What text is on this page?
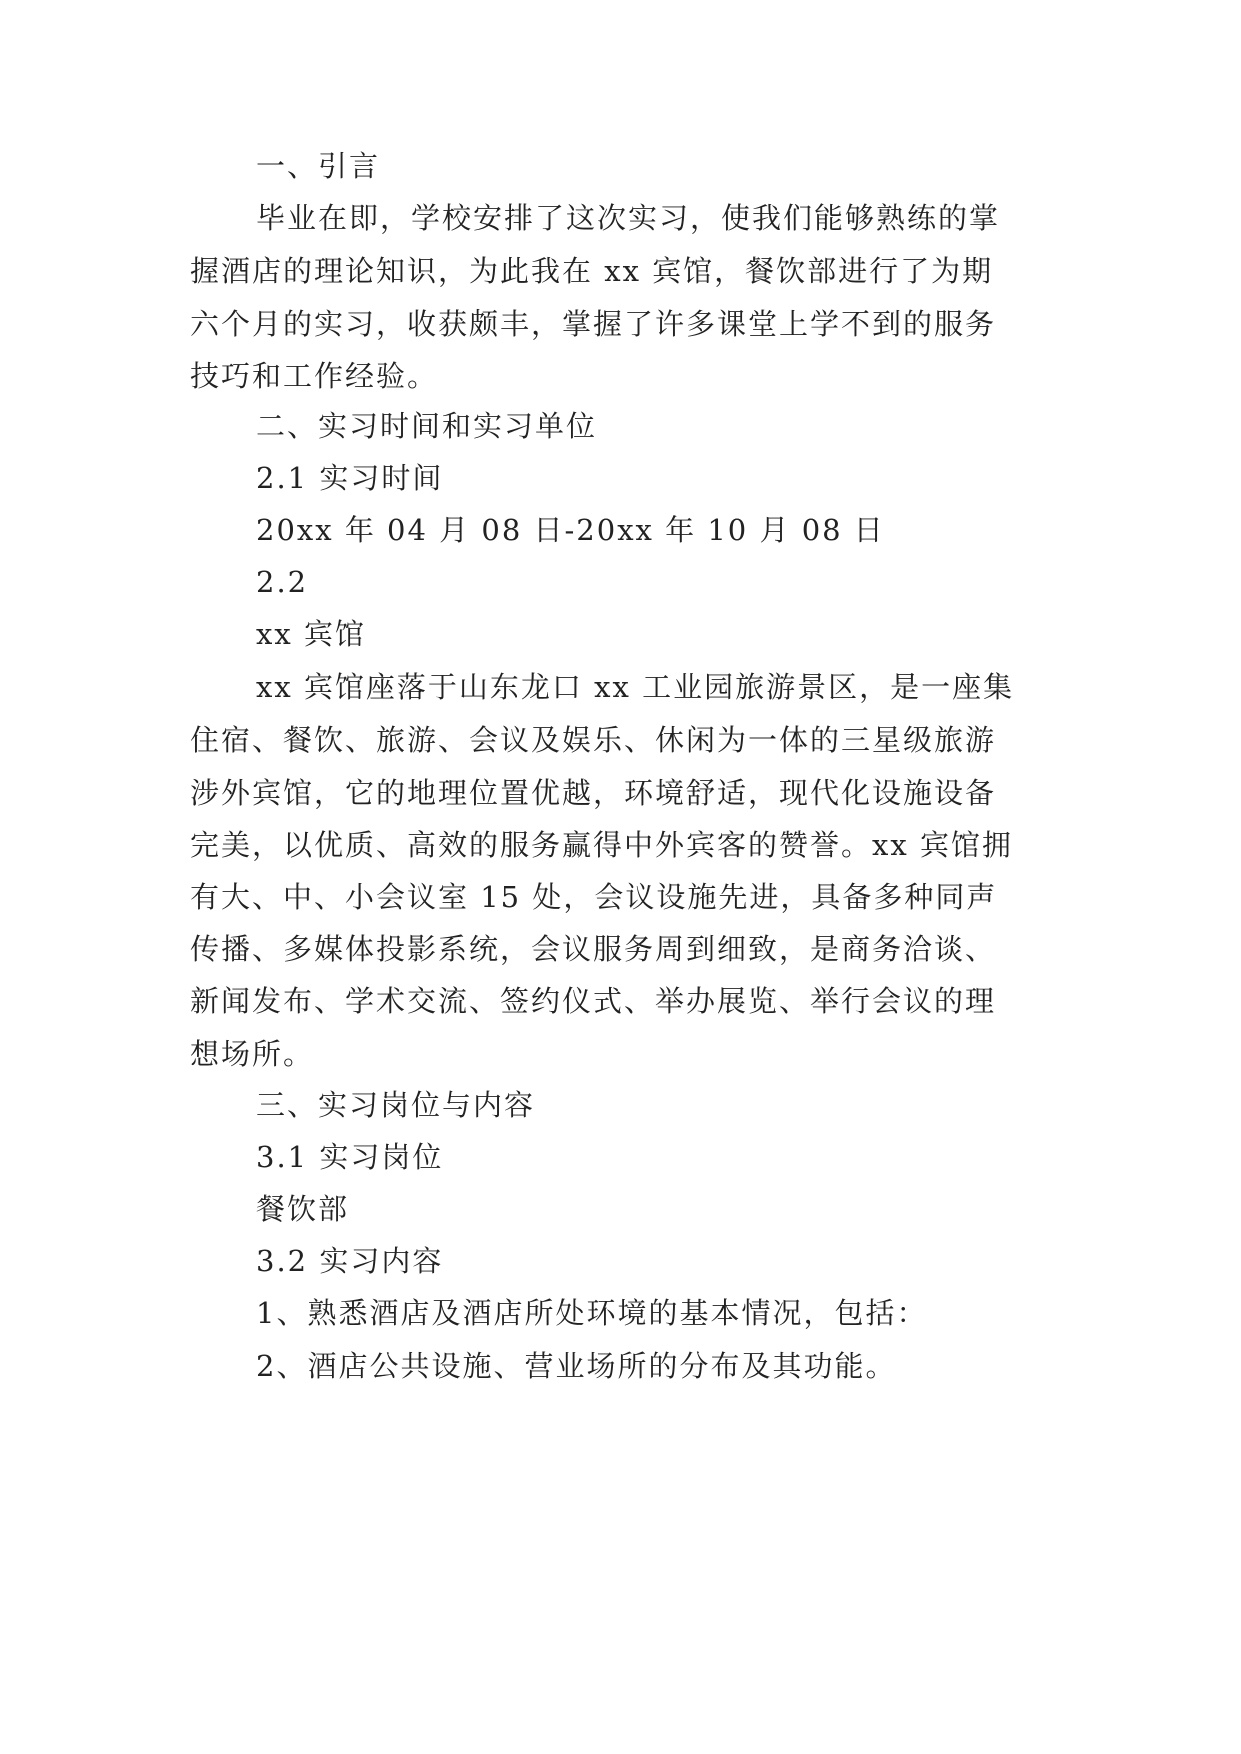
一、引言

毕业在即，学校安排了这次实习，使我们能够熟练的掌

握酒店的理论知识，为此我在 xx 宾馆，餐饮部进行了为期

六个月的实习，收获颇丰，掌握了许多课堂上学不到的服务

技巧和工作经验。

二、实习时间和实习单位

2.1 实习时间

20xx 年 04 月 08 日-20xx 年 10 月 08 日

2.2

xx 宾馆

xx 宾馆座落于山东龙口 xx 工业园旅游景区，是一座集

住宿、餐饮、旅游、会议及娱乐、休闲为一体的三星级旅游

涉外宾馆，它的地理位置优越，环境舒适，现代化设施设备

完美，以优质、高效的服务赢得中外宾客的赞誉。xx 宾馆拥

有大、中、小会议室 15 处，会议设施先进，具备多种同声

传播、多媒体投影系统，会议服务周到细致，是商务洽谈、

新闻发布、学术交流、签约仪式、举办展览、举行会议的理

想场所。

三、实习岗位与内容

3.1 实习岗位

餐饮部

3.2 实习内容

1、熟悉酒店及酒店所处环境的基本情况，包括：

2、酒店公共设施、营业场所的分布及其功能。
